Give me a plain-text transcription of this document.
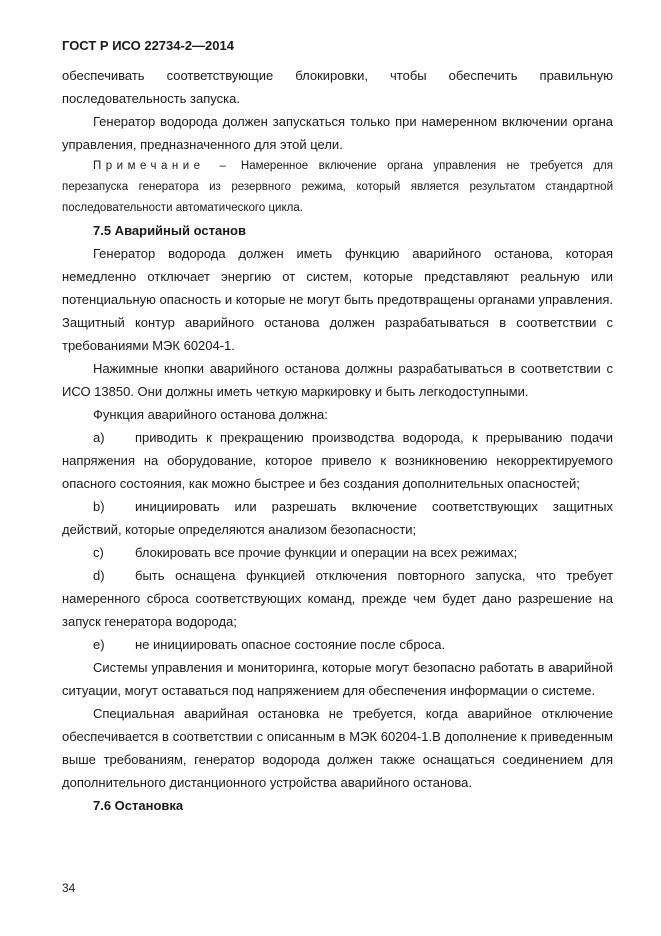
ГОСТ Р ИСО 22734-2—2014

обеспечивать соответствующие блокировки, чтобы обеспечить правильную

последовательность запуска.

Генератор водорода должен запускаться только при намеренном включении органа управления, предназначенного для этой цели.

Примечание – Намеренное включение органа управления не требуется для перезапуска генератора из резервного режима, который является результатом стандартной последовательности автоматического цикла.

7.5 Аварийный останов

Генератор водорода должен иметь функцию аварийного останова, которая немедленно отключает энергию от систем, которые представляют реальную или потенциальную опасность и которые не могут быть предотвращены органами управления. Защитный контур аварийного останова должен разрабатываться в соответствии с требованиями МЭК 60204-1.

Нажимные кнопки аварийного останова должны разрабатываться в соответствии с ИСО 13850. Они должны иметь четкую маркировку и быть легкодоступными.

Функция аварийного останова должна:

а) приводить к прекращению производства водорода, к прерыванию подачи напряжения на оборудование, которое привело к возникновению некорректируемого опасного состояния, как можно быстрее и без создания дополнительных опасностей;

b) инициировать или разрешать включение соответствующих защитных действий, которые определяются анализом безопасности;

c) блокировать все прочие функции и операции на всех режимах;

d) быть оснащена функцией отключения повторного запуска, что требует намеренного сброса соответствующих команд, прежде чем будет дано разрешение на запуск генератора водорода;

e) не инициировать опасное состояние после сброса.

Системы управления и мониторинга, которые могут безопасно работать в аварийной ситуации, могут оставаться под напряжением для обеспечения информации о системе.

Специальная аварийная остановка не требуется, когда аварийное отключение обеспечивается в соответствии с описанным в МЭК 60204-1.В дополнение к приведенным выше требованиям, генератор водорода должен также оснащаться соединением для дополнительного дистанционного устройства аварийного останова.

7.6 Остановка

34
